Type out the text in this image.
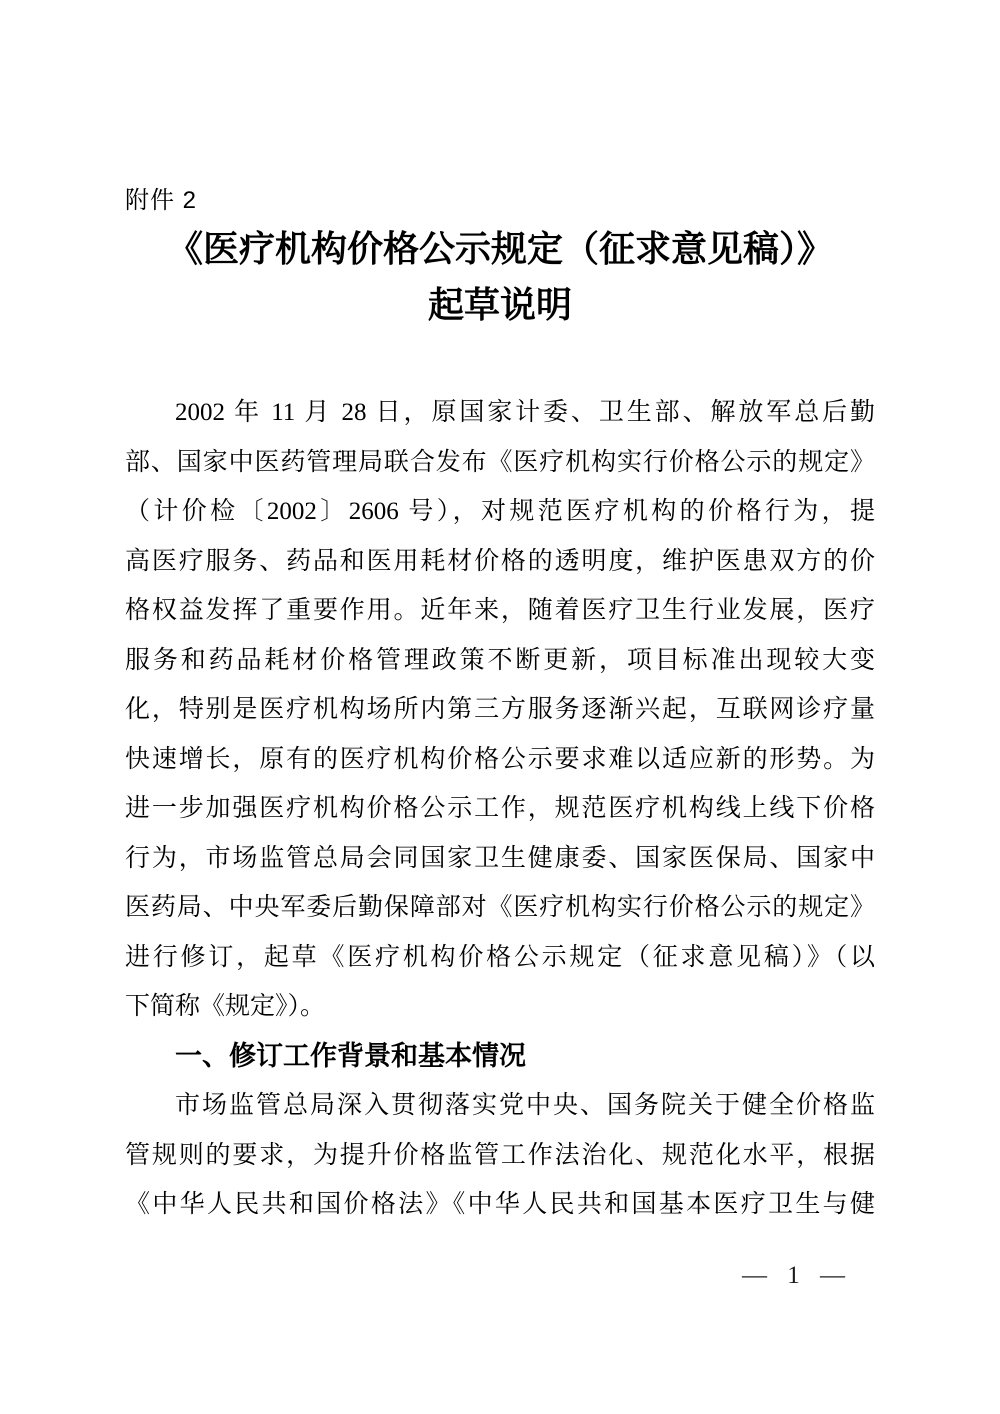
附件 2
《医疗机构价格公示规定（征求意见稿）》
起草说明
2002 年 11 月 28 日，原国家计委、卫生部、解放军总后勤
部、国家中医药管理局联合发布《医疗机构实行价格公示的规定》
（计价检〔2002〕2606 号），对规范医疗机构的价格行为，提
高医疗服务、药品和医用耗材价格的透明度，维护医患双方的价
格权益发挥了重要作用。近年来，随着医疗卫生行业发展，医疗
服务和药品耗材价格管理政策不断更新，项目标准出现较大变
化，特别是医疗机构场所内第三方服务逐渐兴起，互联网诊疗量
快速增长，原有的医疗机构价格公示要求难以适应新的形势。为
进一步加强医疗机构价格公示工作，规范医疗机构线上线下价格
行为，市场监管总局会同国家卫生健康委、国家医保局、国家中
医药局、中央军委后勤保障部对《医疗机构实行价格公示的规定》
进行修订，起草《医疗机构价格公示规定（征求意见稿）》（以
下简称《规定》）。
一、修订工作背景和基本情况
市场监管总局深入贯彻落实党中央、国务院关于健全价格监
管规则的要求，为提升价格监管工作法治化、规范化水平，根据
《中华人民共和国价格法》《中华人民共和国基本医疗卫生与健
— 1 —
